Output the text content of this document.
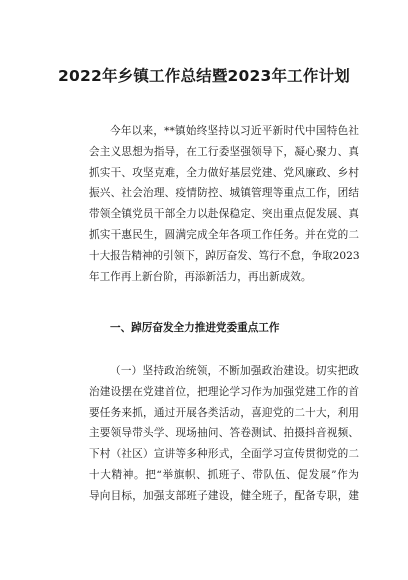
2022年乡镇工作总结暨2023年工作计划
今年以来，**镇始终坚持以习近平新时代中国特色社
会主义思想为指导，在工行委坚强领导下，凝心聚力、真
抓实干、攻坚克难，全力做好基层党建、党风廉政、乡村
振兴、社会治理、疫情防控、城镇管理等重点工作，团结
带领全镇党员干部全力以赴保稳定、突出重点促发展、真
抓实干惠民生，圆满完成全年各项工作任务。并在党的二
十大报告精神的引领下，踔厉奋发、笃行不怠，争取2023
年工作再上新台阶，再添新活力，再出新成效。
一、踔厉奋发全力推进党委重点工作
（一）坚持政治统领，不断加强政治建设。切实把政
治建设摆在党建首位，把理论学习作为加强党建工作的首
要任务来抓，通过开展各类活动，喜迎党的二十大，利用
主要领导带头学、现场抽问、答卷测试、拍摄抖音视频、
下村（社区）宣讲等多种形式，全面学习宣传贯彻党的二
十大精神。把“举旗帜、抓班子、带队伍、促发展”作为
导向目标，加强支部班子建设，健全班子，配备专职，建
